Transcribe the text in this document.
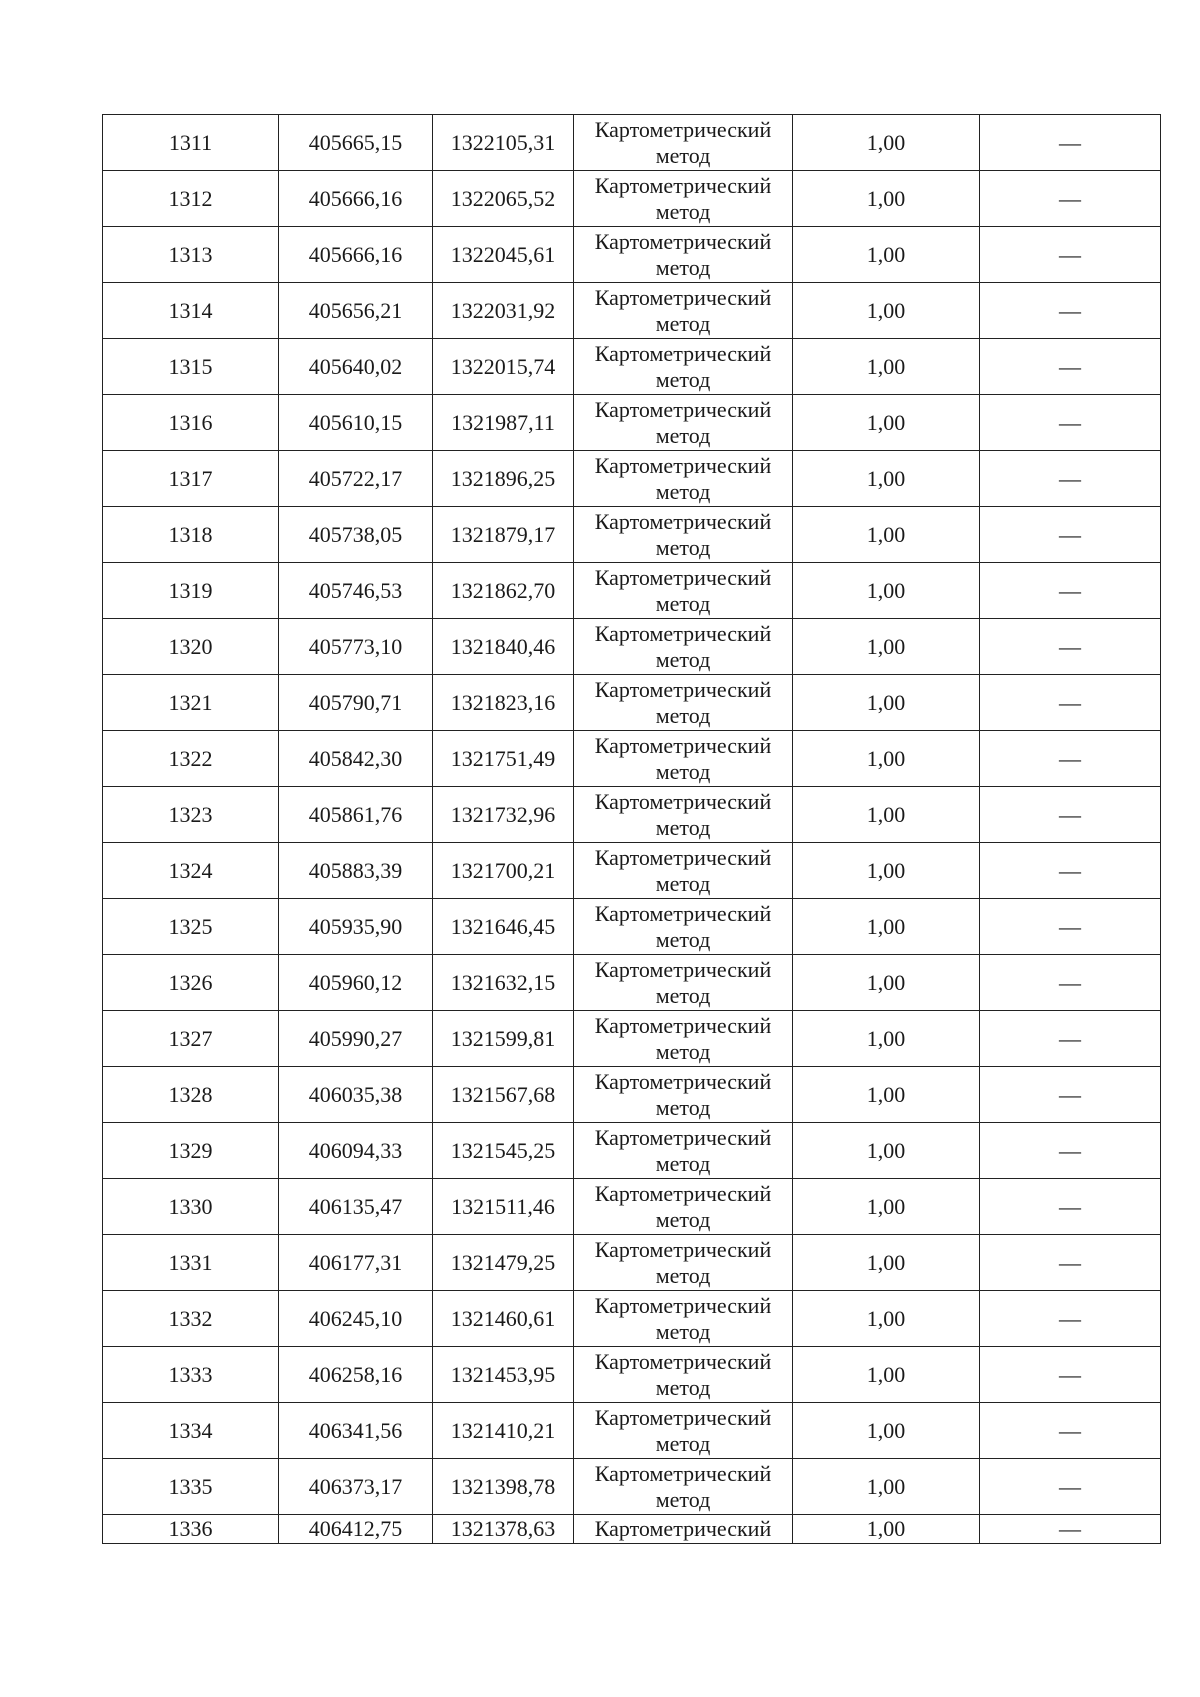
1311	405665,15	1322105,31	Картометрический метод	1,00	—
1312	405666,16	1322065,52	Картометрический метод	1,00	—
1313	405666,16	1322045,61	Картометрический метод	1,00	—
1314	405656,21	1322031,92	Картометрический метод	1,00	—
1315	405640,02	1322015,74	Картометрический метод	1,00	—
1316	405610,15	1321987,11	Картометрический метод	1,00	—
1317	405722,17	1321896,25	Картометрический метод	1,00	—
1318	405738,05	1321879,17	Картометрический метод	1,00	—
1319	405746,53	1321862,70	Картометрический метод	1,00	—
1320	405773,10	1321840,46	Картометрический метод	1,00	—
1321	405790,71	1321823,16	Картометрический метод	1,00	—
1322	405842,30	1321751,49	Картометрический метод	1,00	—
1323	405861,76	1321732,96	Картометрический метод	1,00	—
1324	405883,39	1321700,21	Картометрический метод	1,00	—
1325	405935,90	1321646,45	Картометрический метод	1,00	—
1326	405960,12	1321632,15	Картометрический метод	1,00	—
1327	405990,27	1321599,81	Картометрический метод	1,00	—
1328	406035,38	1321567,68	Картометрический метод	1,00	—
1329	406094,33	1321545,25	Картометрический метод	1,00	—
1330	406135,47	1321511,46	Картометрический метод	1,00	—
1331	406177,31	1321479,25	Картометрический метод	1,00	—
1332	406245,10	1321460,61	Картометрический метод	1,00	—
1333	406258,16	1321453,95	Картометрический метод	1,00	—
1334	406341,56	1321410,21	Картометрический метод	1,00	—
1335	406373,17	1321398,78	Картометрический метод	1,00	—
1336	406412,75	1321378,63	Картометрический	1,00	—
